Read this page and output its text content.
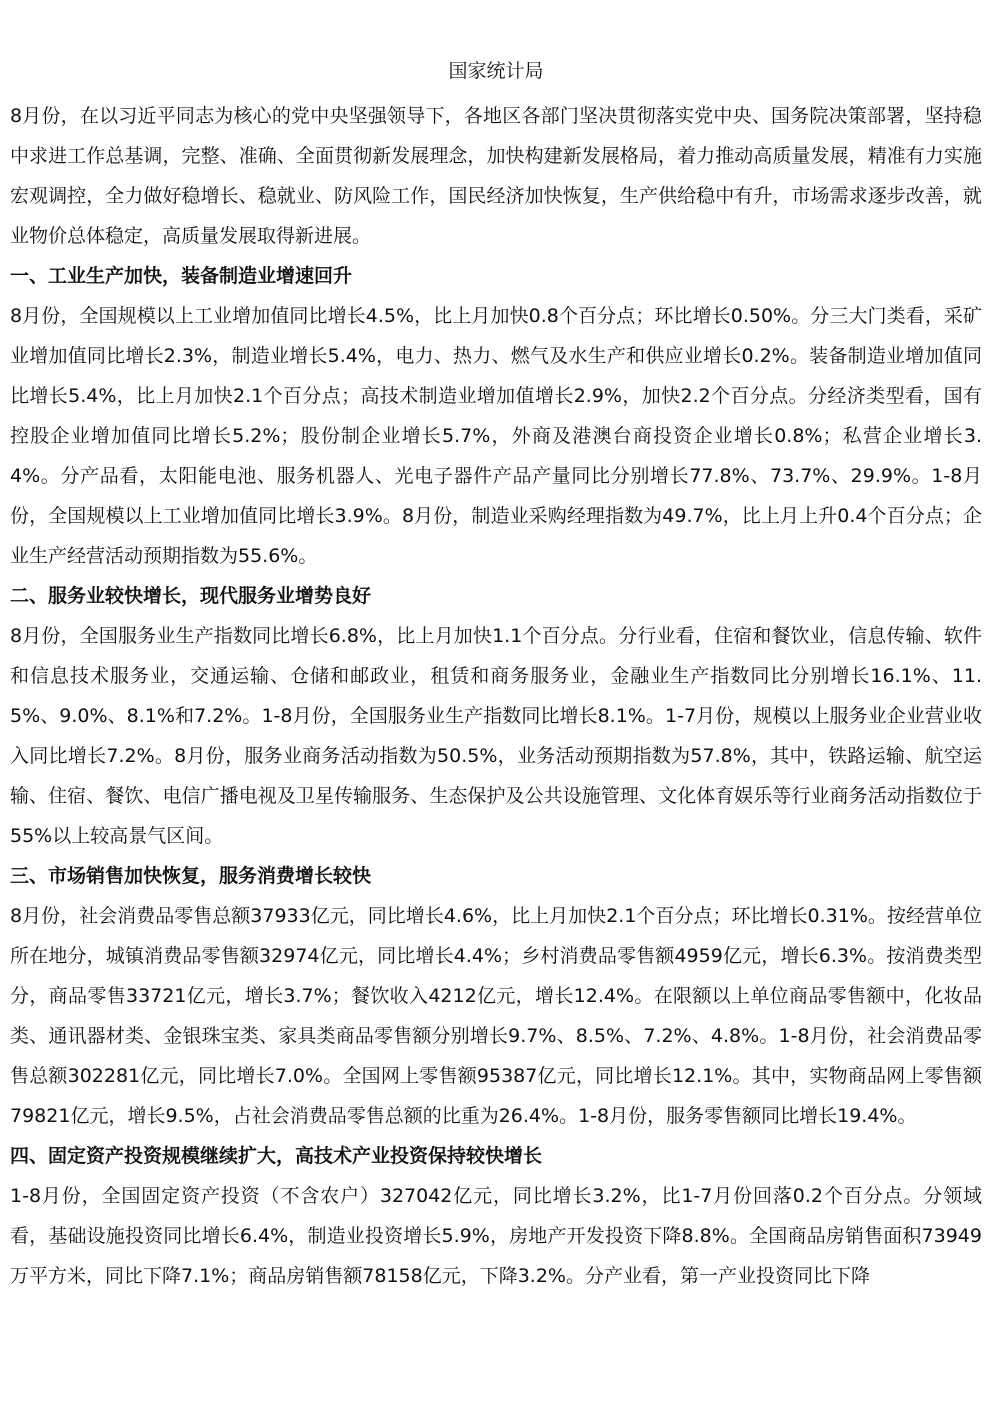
国家统计局

8月份，在以习近平同志为核心的党中央坚强领导下，各地区各部门坚决贯彻落实党中央、国务院决策部署，坚持稳中求进工作总基调，完整、准确、全面贯彻新发展理念，加快构建新发展格局，着力推动高质量发展，精准有力实施宏观调控，全力做好稳增长、稳就业、防风险工作，国民经济加快恢复，生产供给稳中有升，市场需求逐步改善，就业物价总体稳定，高质量发展取得新进展。

一、工业生产加快，装备制造业增速回升

8月份，全国规模以上工业增加值同比增长4.5%，比上月加快0.8个百分点；环比增长0.50%。分三大门类看，采矿业增加值同比增长2.3%，制造业增长5.4%，电力、热力、燃气及水生产和供应业增长0.2%。装备制造业增加值同比增长5.4%，比上月加快2.1个百分点；高技术制造业增加值增长2.9%，加快2.2个百分点。分经济类型看，国有控股企业增加值同比增长5.2%；股份制企业增长5.7%，外商及港澳台商投资企业增长0.8%；私营企业增长3.4%。分产品看，太阳能电池、服务机器人、光电子器件产品产量同比分别增长77.8%、73.7%、29.9%。1-8月份，全国规模以上工业增加值同比增长3.9%。8月份，制造业采购经理指数为49.7%，比上月上升0.4个百分点；企业生产经营活动预期指数为55.6%。

二、服务业较快增长，现代服务业增势良好

8月份，全国服务业生产指数同比增长6.8%，比上月加快1.1个百分点。分行业看，住宿和餐饮业，信息传输、软件和信息技术服务业，交通运输、仓储和邮政业，租赁和商务服务业，金融业生产指数同比分别增长16.1%、11.5%、9.0%、8.1%和7.2%。1-8月份，全国服务业生产指数同比增长8.1%。1-7月份，规模以上服务业企业营业收入同比增长7.2%。8月份，服务业商务活动指数为50.5%，业务活动预期指数为57.8%，其中，铁路运输、航空运输、住宿、餐饮、电信广播电视及卫星传输服务、生态保护及公共设施管理、文化体育娱乐等行业商务活动指数位于55%以上较高景气区间。

三、市场销售加快恢复，服务消费增长较快

8月份，社会消费品零售总额37933亿元，同比增长4.6%，比上月加快2.1个百分点；环比增长0.31%。按经营单位所在地分，城镇消费品零售额32974亿元，同比增长4.4%；乡村消费品零售额4959亿元，增长6.3%。按消费类型分，商品零售33721亿元，增长3.7%；餐饮收入4212亿元，增长12.4%。在限额以上单位商品零售额中，化妆品类、通讯器材类、金银珠宝类、家具类商品零售额分别增长9.7%、8.5%、7.2%、4.8%。1-8月份，社会消费品零售总额302281亿元，同比增长7.0%。全国网上零售额95387亿元，同比增长12.1%。其中，实物商品网上零售额79821亿元，增长9.5%，占社会消费品零售总额的比重为26.4%。1-8月份，服务零售额同比增长19.4%。

四、固定资产投资规模继续扩大，高技术产业投资保持较快增长

1-8月份，全国固定资产投资（不含农户）327042亿元，同比增长3.2%，比1-7月份回落0.2个百分点。分领域看，基础设施投资同比增长6.4%，制造业投资增长5.9%，房地产开发投资下降8.8%。全国商品房销售面积73949万平方米，同比下降7.1%；商品房销售额78158亿元，下降3.2%。分产业看，第一产业投资同比下降
